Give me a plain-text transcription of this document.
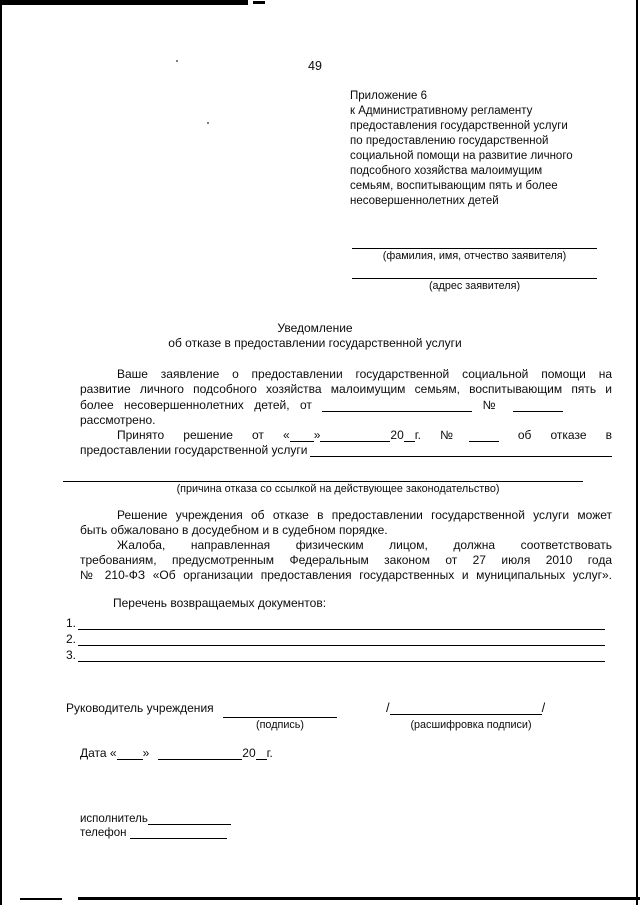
49
Приложение 6
к Административному регламенту
предоставления государственной услуги
по предоставлению государственной
социальной помощи на развитие личного
подсобного хозяйства малоимущим
семьям, воспитывающим пять и более
несовершеннолетних детей
(фамилия, имя, отчество заявителя)
(адрес заявителя)
Уведомление
об отказе в предоставлении государственной услуги
Ваше заявление о предоставлении государственной социальной помощи на
развитие личного подсобного хозяйства малоимущим семьям, воспитывающим пять и
более несовершеннолетних детей, от	№
рассмотрено.
Принято решение от « »	20 г. №	об отказе в
предоставлении государственной услуги
(причина отказа со ссылкой на действующее законодательство)
Решение учреждения об отказе в предоставлении государственной услуги может
быть обжаловано в досудебном и в судебном порядке.
Жалоба, направленная физическим лицом, должна соответствовать
требованиям, предусмотренным Федеральным законом от 27 июля 2010 года
№ 210-ФЗ «Об организации предоставления государственных и муниципальных услуг».
Перечень возвращаемых документов:
1.
2.
3.
Руководитель учреждения
(подпись)
/	/
(расшифровка подписи)
Дата « »	20 г.
исполнитель
телефон
